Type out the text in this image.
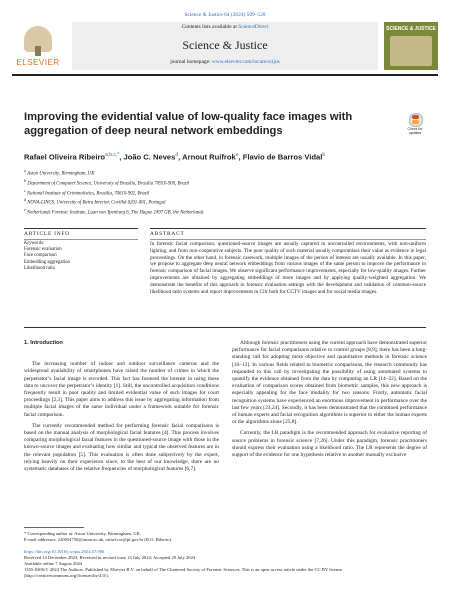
Science & Justice 64 (2024) 509–520
ELSEVIER
Contents lists available at ScienceDirect
Science & Justice
journal homepage: www.elsevier.com/locate/scijus
SCIENCE & JUSTICE
Check for updates
Improving the evidential value of low-quality face images with aggregation of deep neural network embeddings
Rafael Oliveira Ribeiro$^{a,b,c,*}$, João C. Neves$^d$, Arnout Ruifrok$^e$, Flavio de Barros Vidal$^b$
$^a$ Aston University, Birmingham, UK
$^b$ Department of Computer Science, University of Brasília, Brasília 70910-900, Brazil
$^c$ National Institute of Criminalistics, Brasília, 70610-902, Brazil
$^d$ NOVA-LINCS, University of Beira Interior, Covilhã 6201-001, Portugal
$^e$ Netherlands Forensic Institute, Laan van Ypenburg 6, The Hague 2497 GB, the Netherlands
ARTICLE INFO	ABSTRACT
Keywords:
Forensic evaluation
Face comparison
Embedding aggregation
Likelihood ratio
In forensic facial comparison, questioned-source images are usually captured in uncontrolled environments, with non-uniform lighting, and from non-cooperative subjects. The poor quality of such material usually compromises their value as evidence in legal proceedings. On the other hand, in forensic casework, multiple images of the person of interest are usually available. In this paper, we propose to aggregate deep neural network embeddings from various images of the same person to improve the performance in forensic comparison of facial images. We observe significant performance improvements, especially for low-quality images. Further improvements are obtained by aggregating embeddings of more images and by applying quality-weighted aggregation. We demonstrate the benefits of this approach in forensic evaluation settings with the development and validation of common-source likelihood ratio systems and report improvements in Cllr both for CCTV images and for social media images.
1. Introduction

The increasing number of indoor and outdoor surveillance cameras and the widespread availability of smartphones have raised the number of crimes in which the perpetrator’s facial image is recorded. This fact has fostered the interest in using these data to uncover the perpetrator’s identity [1]. Still, the uncontrolled acquisition conditions frequently result in poor quality and limited evidential value of such images for court proceedings [2,3]. This paper aims to address this issue by aggregating information from multiple facial images of the same individual under a framework suitable for forensic facial comparison.

The currently recommended method for performing forensic facial comparisons is based on the manual analysis of morphological facial features [4]. This process involves comparing morphological facial features in the questioned-source image with those in the known-source images and evaluating how similar and typical the observed features are in the relevant population [5]. This evaluation is often done subjectively by the expert, relying heavily on their experience since, to the best of our knowledge, there are no systematic databases of the relative frequencies of morphological features [6,7].

Although forensic practitioners using the current approach have demonstrated superior performance for facial comparisons relative to control groups [8,9], there has been a long-standing call for adopting more objective and quantitative methods in forensic science [10–13]. In various fields related to biometric comparisons, the research community has responded to this call by investigating the possibility of using automated systems to quantify the evidence obtained from the data by computing an LR [14–22]. Based on the evaluation of comparison scores obtained from biometric samples, this new approach is especially appealing for the face modality for two reasons. Firstly, automatic facial recognition systems have experienced an enormous improvement in performance over the last few years [23,24]. Secondly, it has been demonstrated that the combined performance of human experts and facial recognition algorithms is superior to either the human experts or the algorithms alone [25,8].

Currently, the LR paradigm is the recommended approach for evaluative reporting of source problems in forensic science [7,26]. Under this paradigm, forensic practitioners should express their evaluation using a likelihood ratio. The LR represents the degree of support of the evidence for one hypothesis relative to another mutually exclusive

* Corresponding author at: Aston University, Birmingham, UK.
E-mail addresses: 220054750@aston.ac.uk, rafael.ror@pf.gov.br (R.O. Ribeiro).
https://doi.org/10.1016/j.scijus.2024.07.006
Received 14 December 2023; Received in revised form 13 July 2024; Accepted 29 July 2024
Available online 7 August 2024
1355-0306/© 2024 The Authors. Published by Elsevier B.V. on behalf of The Chartered Society of Forensic Sciences. This is an open access article under the CC BY license (http://creativecommons.org/licenses/by/4.0/).
